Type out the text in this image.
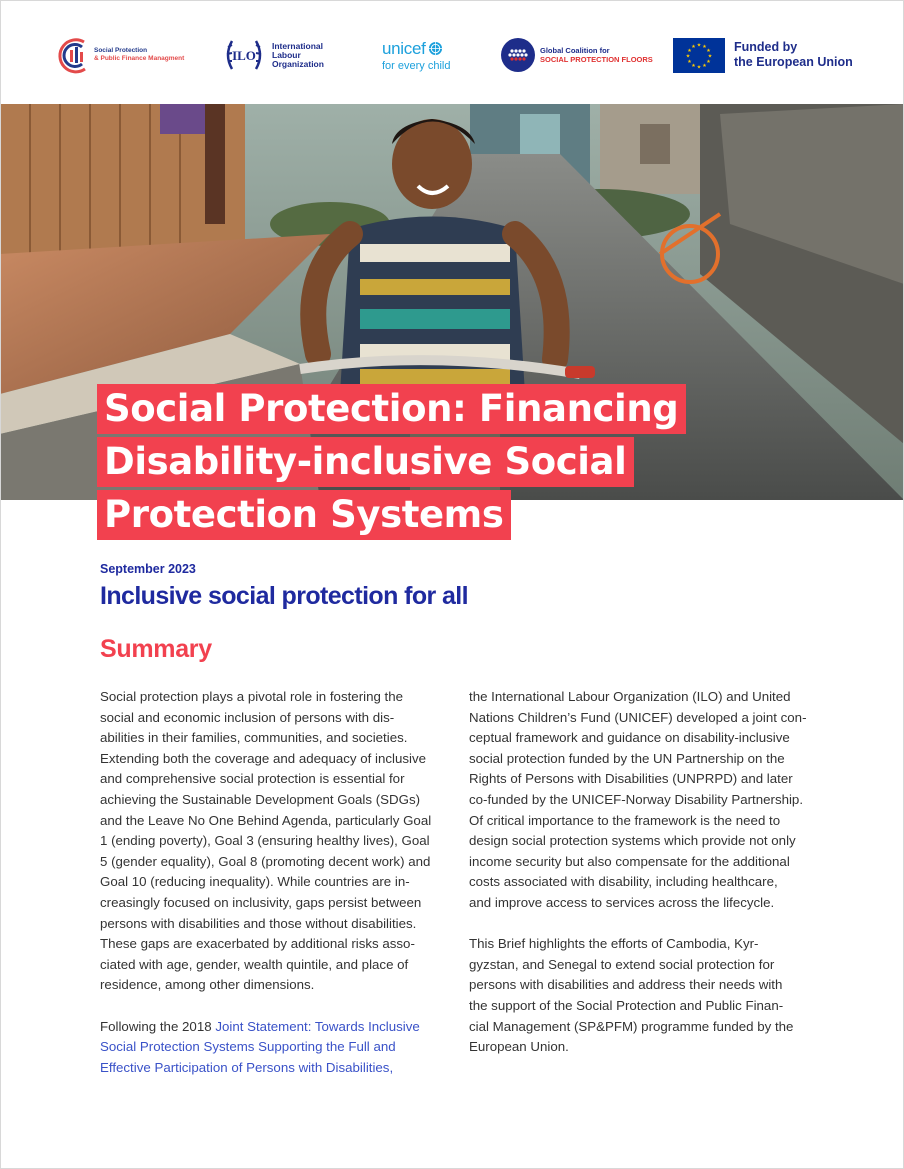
Social Protection
& Public Finance Managment	ILO
International
Labour
Organization
unicef
for every child
Global Coalition for
SOCIAL PROTECTION FLOORS
★ ★
★
★
★
★
★
★
★
★
★
★	Funded by
the European Union
Social Protection: Financing
Disability-inclusive Social
Protection Systems
September 2023
Inclusive social protection for all
Summary

Social protection plays a pivotal role in fostering the
social and economic inclusion of persons with dis-
abilities in their families, communities, and societies.
Extending both the coverage and adequacy of inclusive
and comprehensive social protection is essential for
achieving the Sustainable Development Goals (SDGs)
and the Leave No One Behind Agenda, particularly Goal
1 (ending poverty), Goal 3 (ensuring healthy lives), Goal
5 (gender equality), Goal 8 (promoting decent work) and
Goal 10 (reducing inequality). While countries are in-
creasingly focused on inclusivity, gaps persist between
persons with disabilities and those without disabilities.
These gaps are exacerbated by additional risks asso-
ciated with age, gender, wealth quintile, and place of
residence, among other dimensions.

Following the 2018 Joint Statement: Towards Inclusive
Social Protection Systems Supporting the Full and
Effective Participation of Persons with Disabilities,

the International Labour Organization (ILO) and United
Nations Children’s Fund (UNICEF) developed a joint con-
ceptual framework and guidance on disability-inclusive
social protection funded by the UN Partnership on the
Rights of Persons with Disabilities (UNPRPD) and later
co-funded by the UNICEF-Norway Disability Partnership.
Of critical importance to the framework is the need to
design social protection systems which provide not only
income security but also compensate for the additional
costs associated with disability, including healthcare,
and improve access to services across the lifecycle.

This Brief highlights the efforts of Cambodia, Kyr-
gyzstan, and Senegal to extend social protection for
persons with disabilities and address their needs with
the support of the Social Protection and Public Finan-
cial Management (SP&PFM) programme funded by the
European Union.
